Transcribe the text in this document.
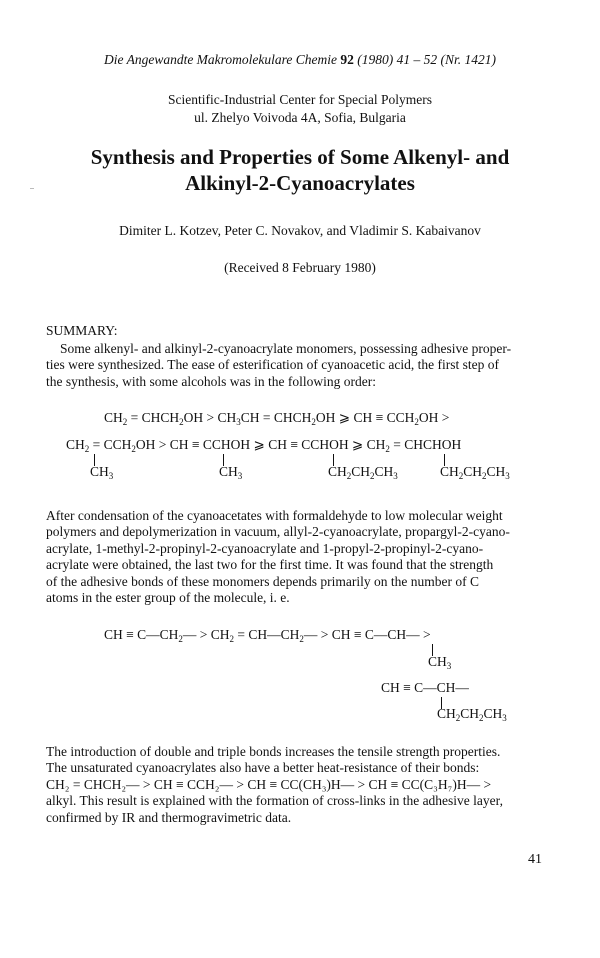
Die Angewandte Makromolekulare Chemie 92 (1980) 41 – 52 (Nr. 1421)
Scientific-Industrial Center for Special Polymers
ul. Zhelyo Voivoda 4A, Sofia, Bulgaria
Synthesis and Properties of Some Alkenyl- and
Alkinyl-2-Cyanoacrylates
Dimiter L. Kotzev, Peter C. Novakov, and Vladimir S. Kabaivanov
(Received 8 February 1980)
SUMMARY:
Some alkenyl- and alkinyl-2-cyanoacrylate monomers, possessing adhesive proper-
ties were synthesized. The ease of esterification of cyanoacetic acid, the first step of
the synthesis, with some alcohols was in the following order:
$CH_2$ = $CHCH_2OH > CH_3CH$ = $CHCH_2OH$ ⩾ CH ≡ $CCH_2OH$ >
$CH_2 = CCH_2OH$ > CH ≡ CCHOH ⩾ CH ≡ CCHOH ⩾ $CH_2$ = CHCHOH
$CH_3$	$CH_3$	$CH_2CH_2CH_3$	$CH_2CH_2CH_3$
After condensation of the cyanoacetates with formaldehyde to low molecular weight
polymers and depolymerization in vacuum, allyl-2-cyanoacrylate, propargyl-2-cyano-
acrylate, 1-methyl-2-propinyl-2-cyanoacrylate and 1-propyl-2-propinyl-2-cyano-
acrylate were obtained, the last two for the first time. It was found that the strength
of the adhesive bonds of these monomers depends primarily on the number of C
atoms in the ester group of the molecule, i. e.
CH ≡ $C—CH_2— > CH_2$ = $CH—CH_2—$ > CH ≡ C—CH— >
$CH_3$
CH ≡ C—CH—
$CH_2CH_2CH_3$
The introduction of double and triple bonds increases the tensile strength properties.
The unsaturated cyanoacrylates also have a better heat-resistance of their bonds:
CH₂ = CHCH₂— > CH ≡ CCH₂— > CH ≡ CC(CH₃)H— > CH ≡ CC(C₃H₇)H— >
alkyl. This result is explained with the formation of cross-links in the adhesive layer,
confirmed by IR and thermogravimetric data.
41
